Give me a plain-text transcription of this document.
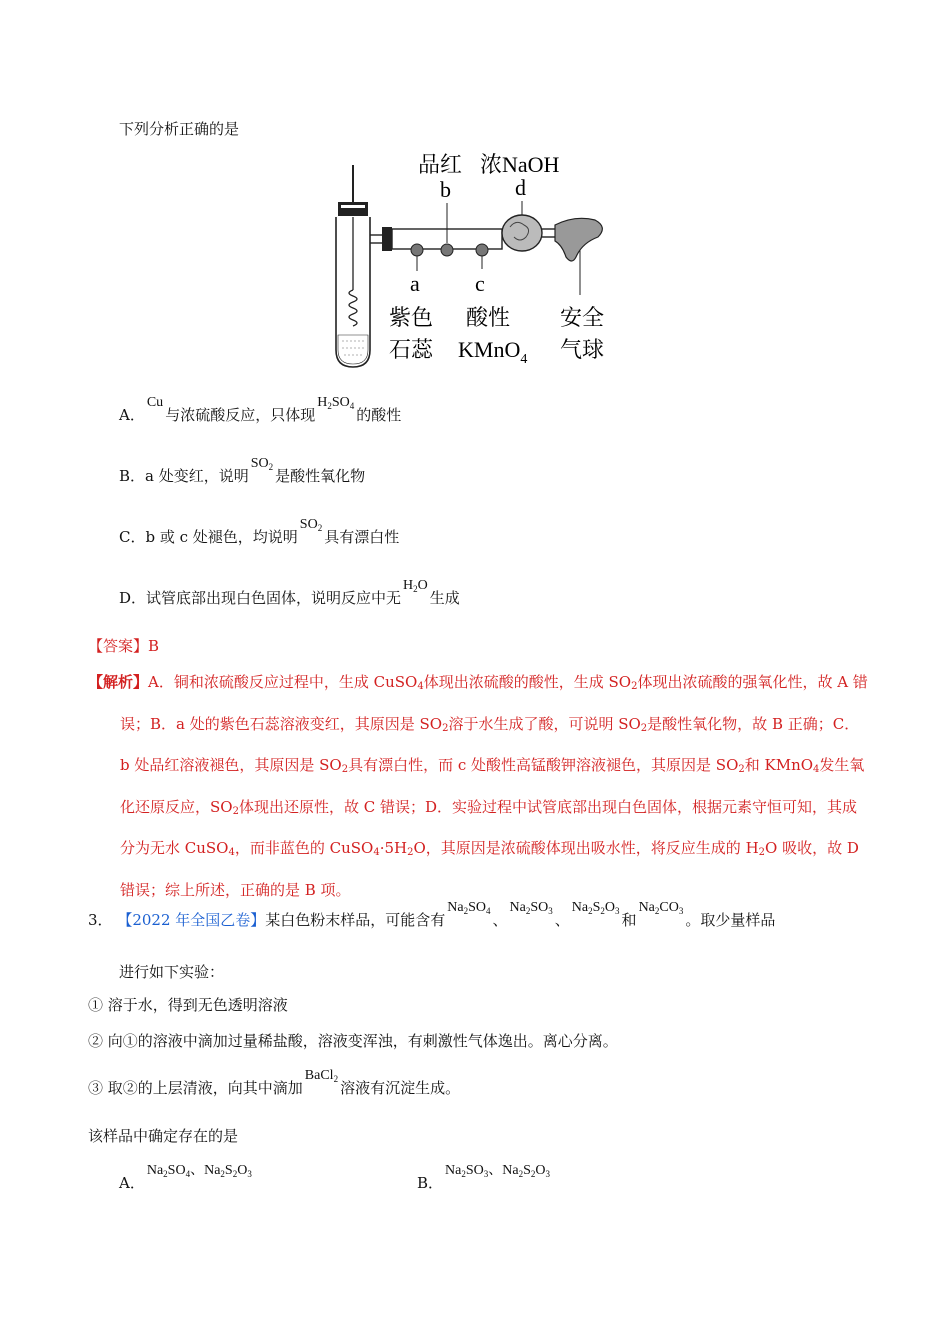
下列分析正确的是
品红 浓NaOH
b	d
a	c
紫色
石蕊
酸性
KMnO$_4$
安全
气球
A．Cu与浓硫酸反应，只体现$H_2SO_4$ 的酸性
B．a 处变红，说明$SO_2$ 是酸性氧化物
C．b 或 c 处褪色，均说明$SO_2$ 具有漂白性
D．试管底部出现白色固体，说明反应中无$H_2O$生成
【答案】B
【解析】A．铜和浓硫酸反应过程中，生成 CuSO$_4$体现出浓硫酸的酸性，生成 $SO_2$体现出浓硫酸的强氧化性，故 A 错误；B．a 处的紫色石蕊溶液变红，其原因是 $SO_2$溶于水生成了酸，可说明 $SO_2$是酸性氧化物，故 B 正确；C．b 处品红溶液褪色，其原因是 $SO_2$具有漂白性，而 c 处酸性高锰酸钾溶液褪色，其原因是 $SO_2$和 KMnO$_4$发生氧化还原反应，$SO_2$体现出还原性，故 C 错误；D．实验过程中试管底部出现白色固体，根据元素守恒可知，其成分为无水 CuSO$_4$，而非蓝色的 $CuSO_4\cdot 5H_2O$，其原因是浓硫酸体现出吸水性，将反应生成的 $H_2O$ 吸收，故 D 错误；综上所述，正确的是 B 项。
3． 【2022 年全国乙卷】某白色粉末样品，可能含有$Na_2SO_4$ 、$Na_2SO_3$ 、$Na_2S_2O_3$ 和$Na_2CO_3$ 。取少量样品
进行如下实验：
① 溶于水，得到无色透明溶液
② 向①的溶液中滴加过量稀盐酸，溶液变浑浊，有刺激性气体逸出。离心分离。
③ 取②的上层清液，向其中滴加BaCl$_2$ 溶液有沉淀生成。
该样品中确定存在的是
A．$Na_2SO_4$、$Na_2S_2O_3$	B．$Na_2SO_3$、$Na_2S_2O_3$
